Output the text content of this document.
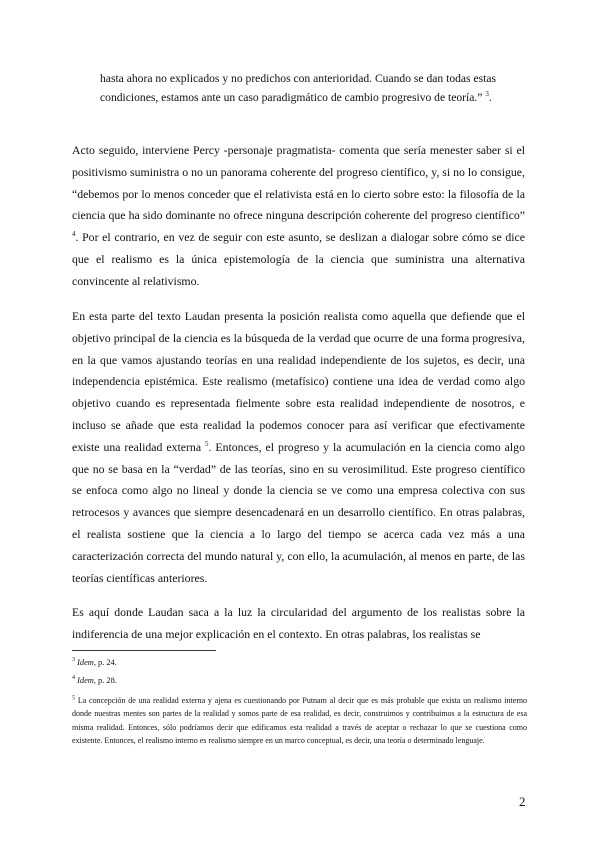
hasta ahora no explicados y no predichos con anterioridad. Cuando se dan todas estas condiciones, estamos ante un caso paradigmático de cambio progresivo de teoría.” $^3$.

Acto seguido, interviene Percy -personaje pragmatista- comenta que sería menester saber si el positivismo suministra o no un panorama coherente del progreso científico, y, si no lo consigue, “debemos por lo menos conceder que el relativista está en lo cierto sobre esto: la filosofía de la ciencia que ha sido dominante no ofrece ninguna descripción coherente del progreso científico” $^4$. Por el contrario, en vez de seguir con este asunto, se deslizan a dialogar sobre cómo se dice que el realismo es la única epistemología de la ciencia que suministra una alternativa convincente al relativismo.

En esta parte del texto Laudan presenta la posición realista como aquella que defiende que el objetivo principal de la ciencia es la búsqueda de la verdad que ocurre de una forma progresiva, en la que vamos ajustando teorías en una realidad independiente de los sujetos, es decir, una independencia epistémica. Este realismo (metafísico) contiene una idea de verdad como algo objetivo cuando es representada fielmente sobre esta realidad independiente de nosotros, e incluso se añade que esta realidad la podemos conocer para así verificar que efectivamente existe una realidad externa $^5$. Entonces, el progreso y la acumulación en la ciencia como algo que no se basa en la “verdad” de las teorías, sino en su verosimilitud. Este progreso científico se enfoca como algo no lineal y donde la ciencia se ve como una empresa colectiva con sus retrocesos y avances que siempre desencadenará en un desarrollo científico. En otras palabras, el realista sostiene que la ciencia a lo largo del tiempo se acerca cada vez más a una caracterización correcta del mundo natural y, con ello, la acumulación, al menos en parte, de las teorías científicas anteriores.

Es aquí donde Laudan saca a la luz la circularidad del argumento de los realistas sobre la indiferencia de una mejor explicación en el contexto. En otras palabras, los realistas se

$^3$ Idem, p. 24.

$^4$ Idem, p. 28.

$^5$ La concepción de una realidad externa y ajena es cuestionando por Putnam al decir que es más probable que exista un realismo interno donde nuestras mentes son partes de la realidad y somos parte de esa realidad, es decir, construimos y contribuimos a la estructura de esa misma realidad. Entonces, sólo podríamos decir que edificamos esta realidad a través de aceptar o rechazar lo que se cuestiona como existente. Entonces, el realismo interno es realismo siempre en un marco conceptual, es decir, una teoría o determinado lenguaje.

2
